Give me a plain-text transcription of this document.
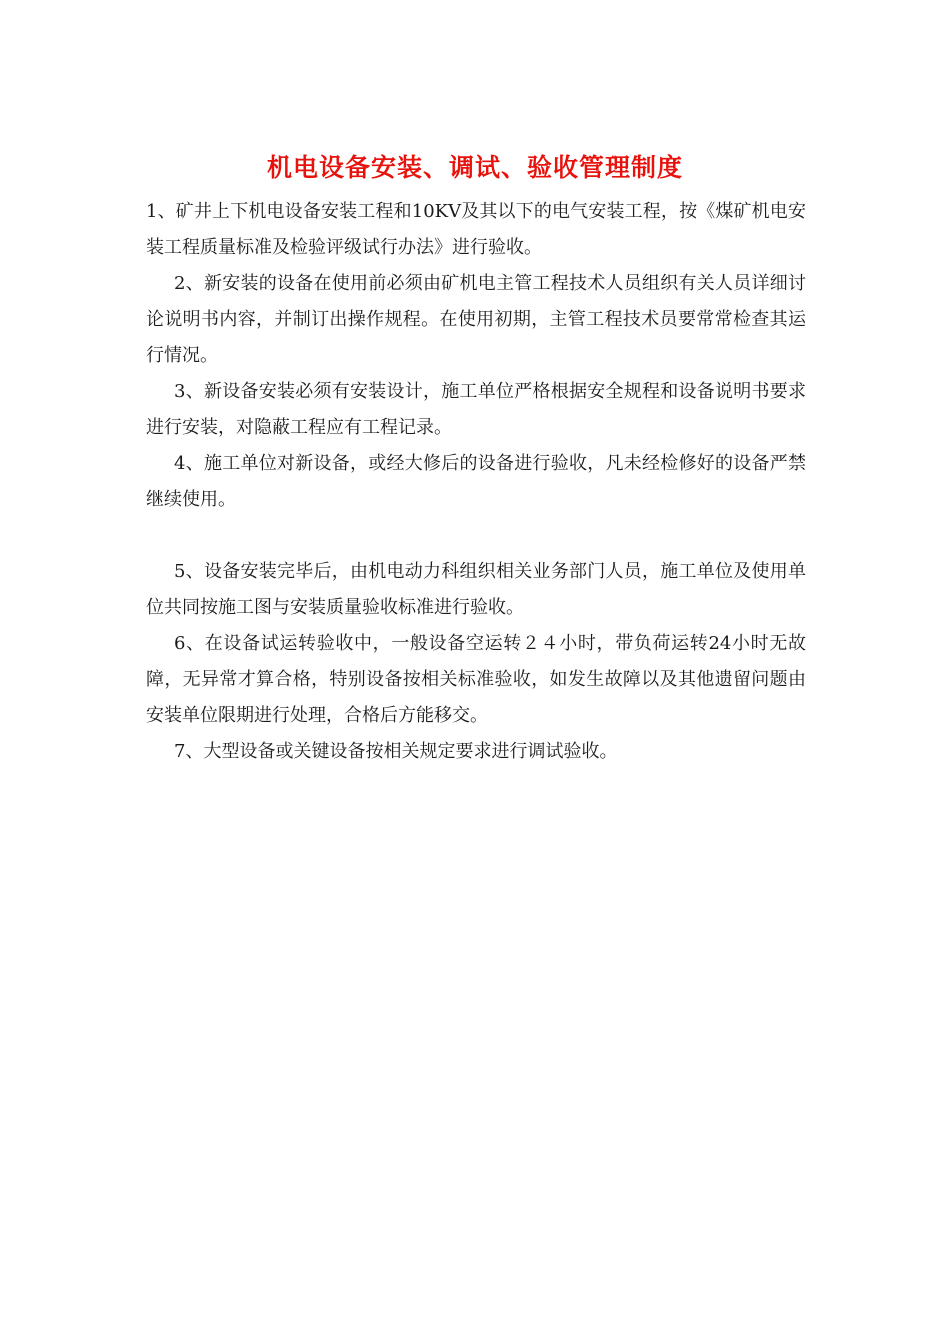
机电设备安装、调试、验收管理制度

1、矿井上下机电设备安装工程和10KV及其以下的电气安装工程，按《煤矿机电安装工程质量标准及检验评级试行办法》进行验收。

2、新安装的设备在使用前必须由矿机电主管工程技术人员组织有关人员详细讨论说明书内容，并制订出操作规程。在使用初期，主管工程技术员要常常检查其运行情况。

3、新设备安装必须有安装设计，施工单位严格根据安全规程和设备说明书要求进行安装，对隐蔽工程应有工程记录。

4、施工单位对新设备，或经大修后的设备进行验收，凡未经检修好的设备严禁继续使用。

5、设备安装完毕后，由机电动力科组织相关业务部门人员，施工单位及使用单位共同按施工图与安装质量验收标准进行验收。

6、在设备试运转验收中，一般设备空运转２４小时，带负荷运转24小时无故障，无异常才算合格，特别设备按相关标准验收，如发生故障以及其他遗留问题由安装单位限期进行处理，合格后方能移交。

7、大型设备或关键设备按相关规定要求进行调试验收。
